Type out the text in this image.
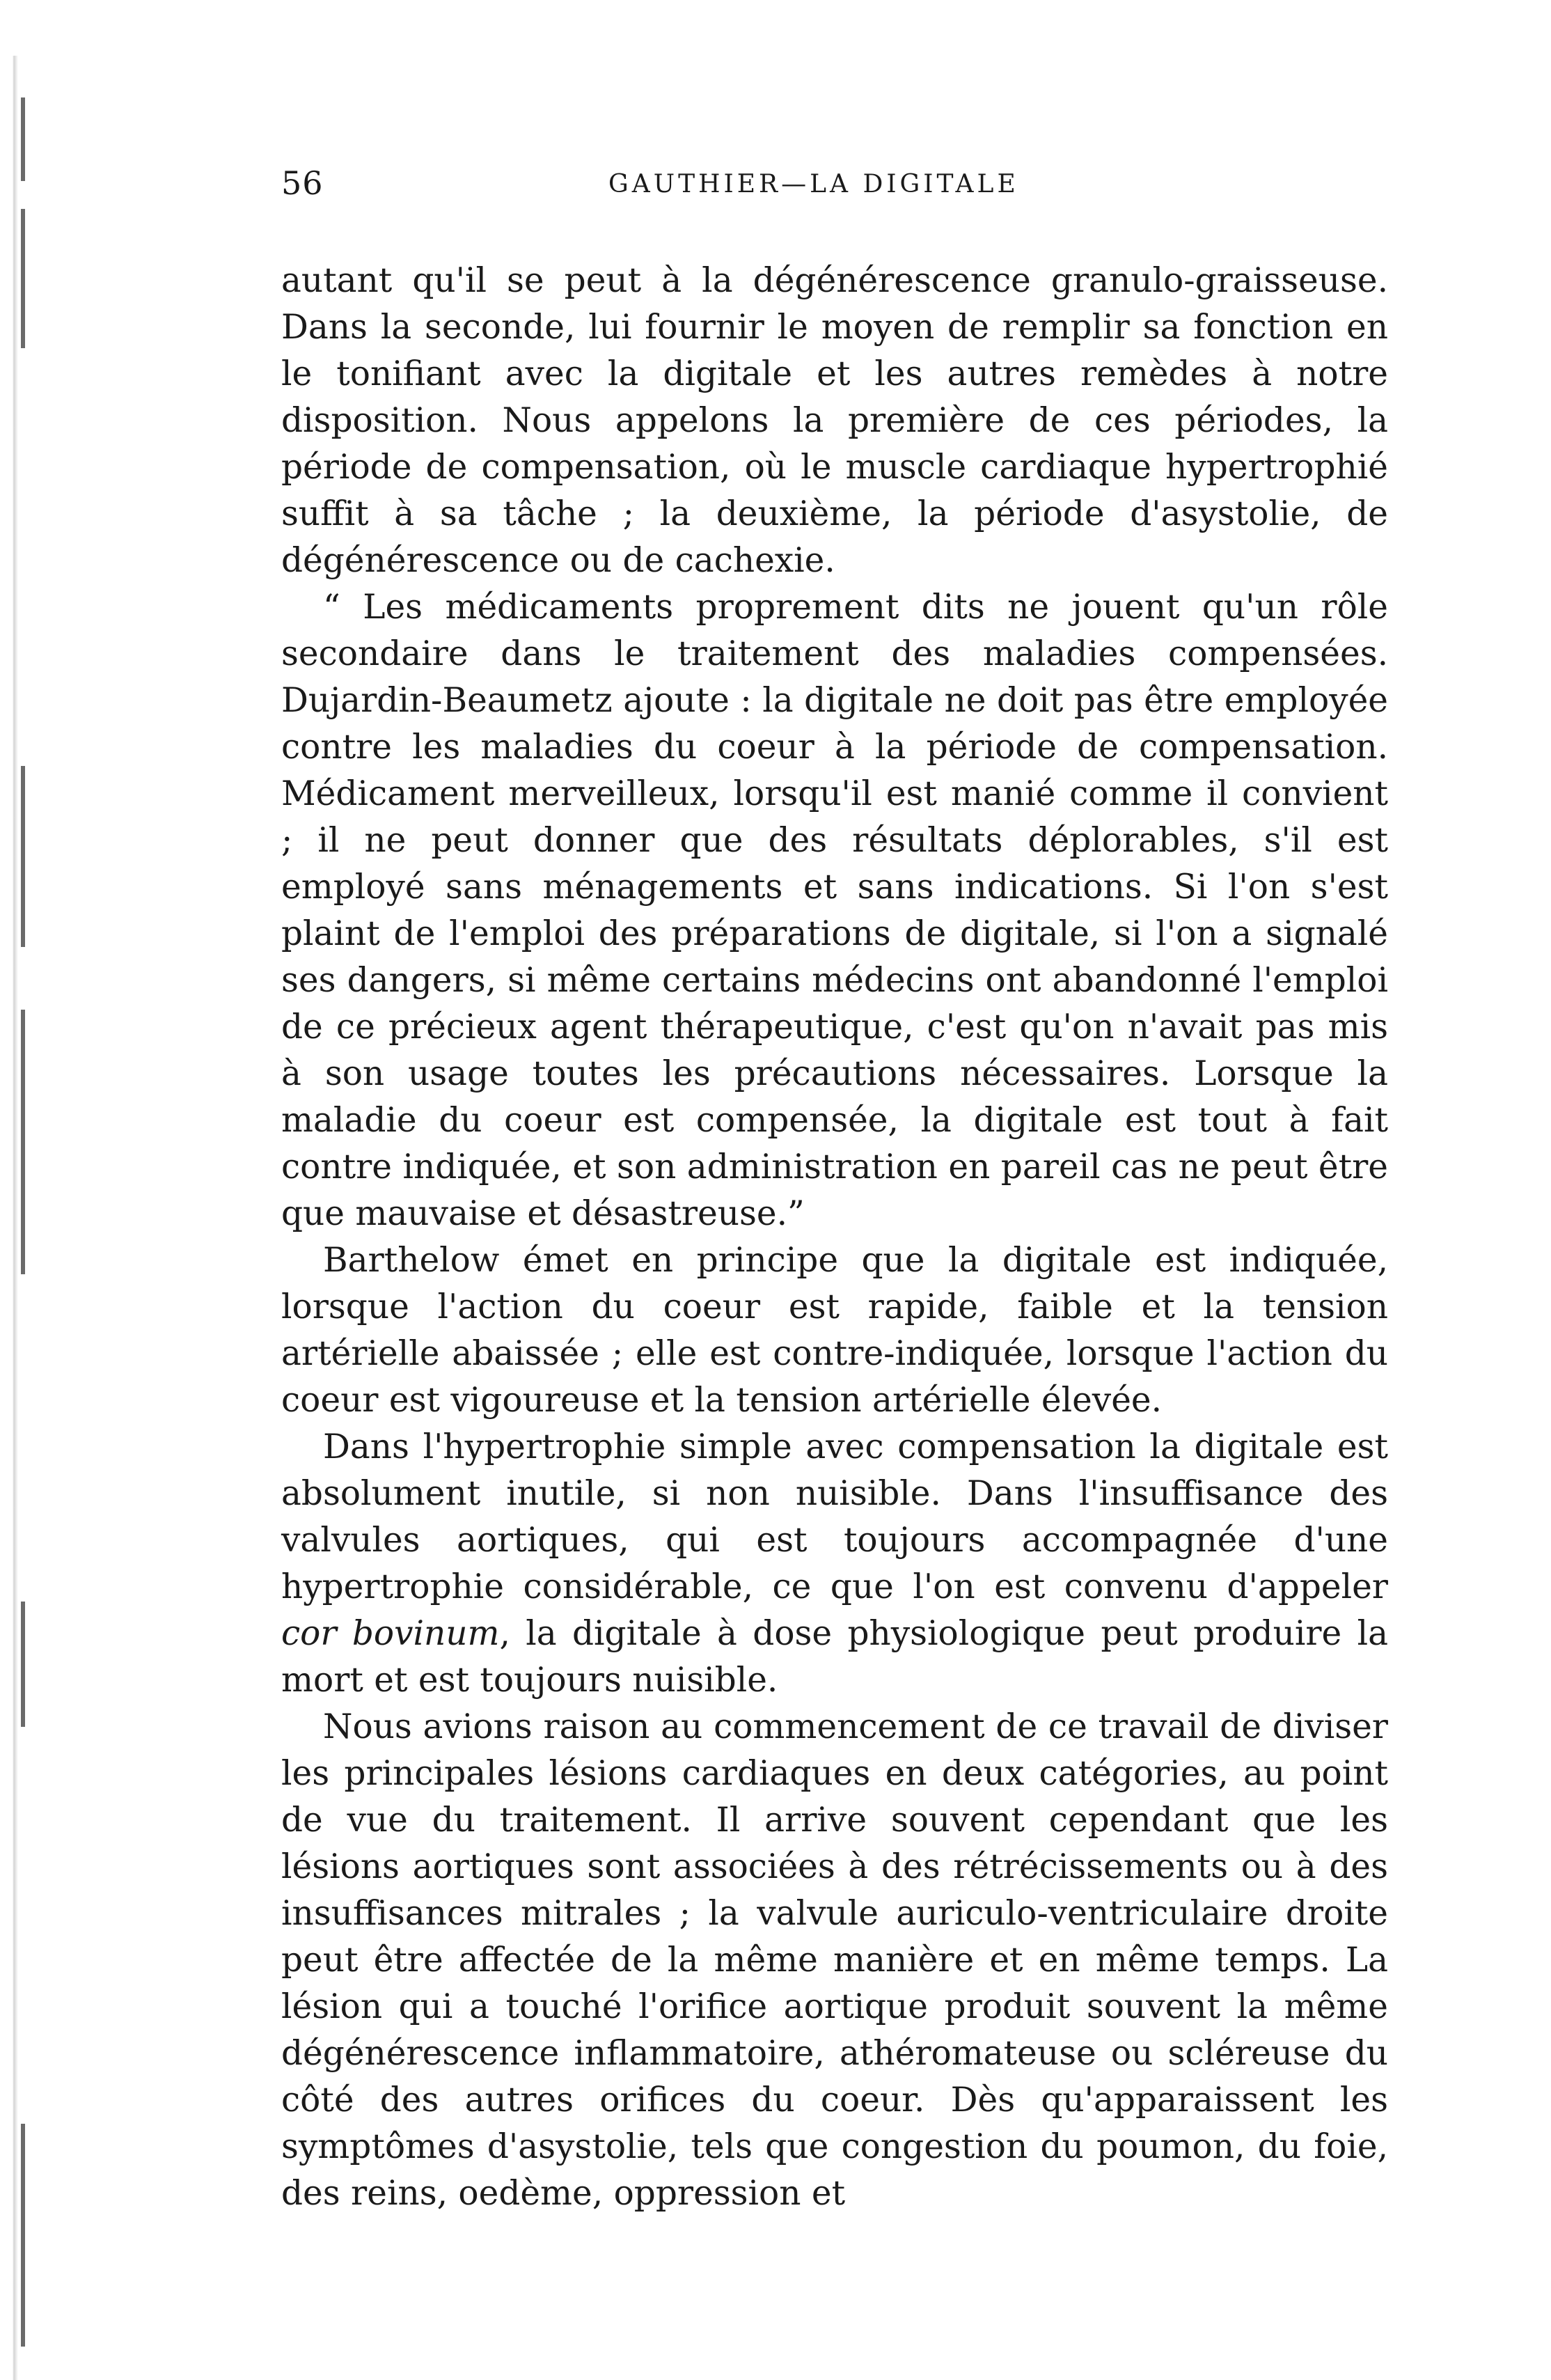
56	GAUTHIER—LA DIGITALE

autant qu'il se peut à la dégénérescence granulo-graisseuse. Dans la seconde, lui fournir le moyen de remplir sa fonction en le tonifiant avec la digitale et les autres remèdes à notre disposition. Nous appelons la première de ces périodes, la période de compensation, où le muscle cardiaque hypertrophié suffit à sa tâche ; la deuxième, la période d'asystolie, de dégénérescence ou de cachexie.

“ Les médicaments proprement dits ne jouent qu'un rôle secondaire dans le traitement des maladies compensées. Dujardin-Beaumetz ajoute : la digitale ne doit pas être employée contre les maladies du coeur à la période de compensation. Médicament merveilleux, lorsqu'il est manié comme il convient ; il ne peut donner que des résultats déplorables, s'il est employé sans ménagements et sans indications. Si l'on s'est plaint de l'emploi des préparations de digitale, si l'on a signalé ses dangers, si même certains médecins ont abandonné l'emploi de ce précieux agent thérapeutique, c'est qu'on n'avait pas mis à son usage toutes les précautions nécessaires. Lorsque la maladie du coeur est compensée, la digitale est tout à fait contre indiquée, et son administration en pareil cas ne peut être que mauvaise et désastreuse.”

Barthelow émet en principe que la digitale est indiquée, lorsque l'action du coeur est rapide, faible et la tension artérielle abaissée ; elle est contre-indiquée, lorsque l'action du coeur est vigoureuse et la tension artérielle élevée.

Dans l'hypertrophie simple avec compensation la digitale est absolument inutile, si non nuisible. Dans l'insuffisance des valvules aortiques, qui est toujours accompagnée d'une hypertrophie considérable, ce que l'on est convenu d'appeler cor bovinum, la digitale à dose physiologique peut produire la mort et est toujours nuisible.

Nous avions raison au commencement de ce travail de diviser les principales lésions cardiaques en deux catégories, au point de vue du traitement. Il arrive souvent cependant que les lésions aortiques sont associées à des rétrécissements ou à des insuffisances mitrales ; la valvule auriculo-ventriculaire droite peut être affectée de la même manière et en même temps. La lésion qui a touché l'orifice aortique produit souvent la même dégénérescence inflammatoire, athéromateuse ou scléreuse du côté des autres orifices du coeur. Dès qu'apparaissent les symptômes d'asystolie, tels que congestion du poumon, du foie, des reins, oedème, oppression et
